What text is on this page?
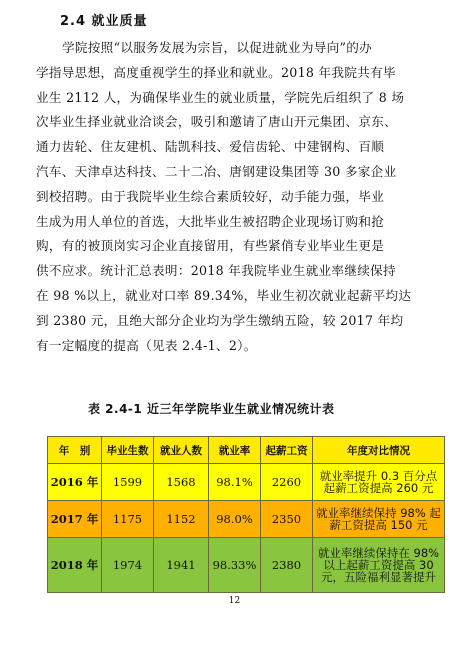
2.4 就业质量
学院按照“以服务发展为宗旨，以促进就业为导向”的办
学指导思想，高度重视学生的择业和就业。2018 年我院共有毕
业生 2112 人，为确保毕业生的就业质量，学院先后组织了 8 场
次毕业生择业就业洽谈会，吸引和邀请了唐山开元集团、京东、
通力齿轮、住友建机、陆凯科技、爱信齿轮、中建钢构、百顺
汽车、天津卓达科技、二十二冶、唐钢建设集团等 30 多家企业
到校招聘。由于我院毕业生综合素质较好，动手能力强，毕业
生成为用人单位的首选，大批毕业生被招聘企业现场订购和抢
购，有的被顶岗实习企业直接留用，有些紧俏专业毕业生更是
供不应求。统计汇总表明：2018 年我院毕业生就业率继续保持
在 98 %以上，就业对口率 89.34%，毕业生初次就业起薪平均达
到 2380 元，且绝大部分企业均为学生缴纳五险，较 2017 年均
有一定幅度的提高（见表 2.4-1、2）。
表 2.4-1 近三年学院毕业生就业情况统计表
年　别	毕业生数	就业人数	就业率	起薪工资	年度对比情况
2016 年	1599	1568	98.1%	2260	就业率提升 0.3 百分点 起薪工资提高 260 元
2017 年	1175	1152	98.0%	2350	就业率继续保持 98% 起薪工资提高 150 元
2018 年	1974	1941	98.33%	2380	就业率继续保持在 98% 以上起薪工资提高 30 元，五险福利显著提升
12
